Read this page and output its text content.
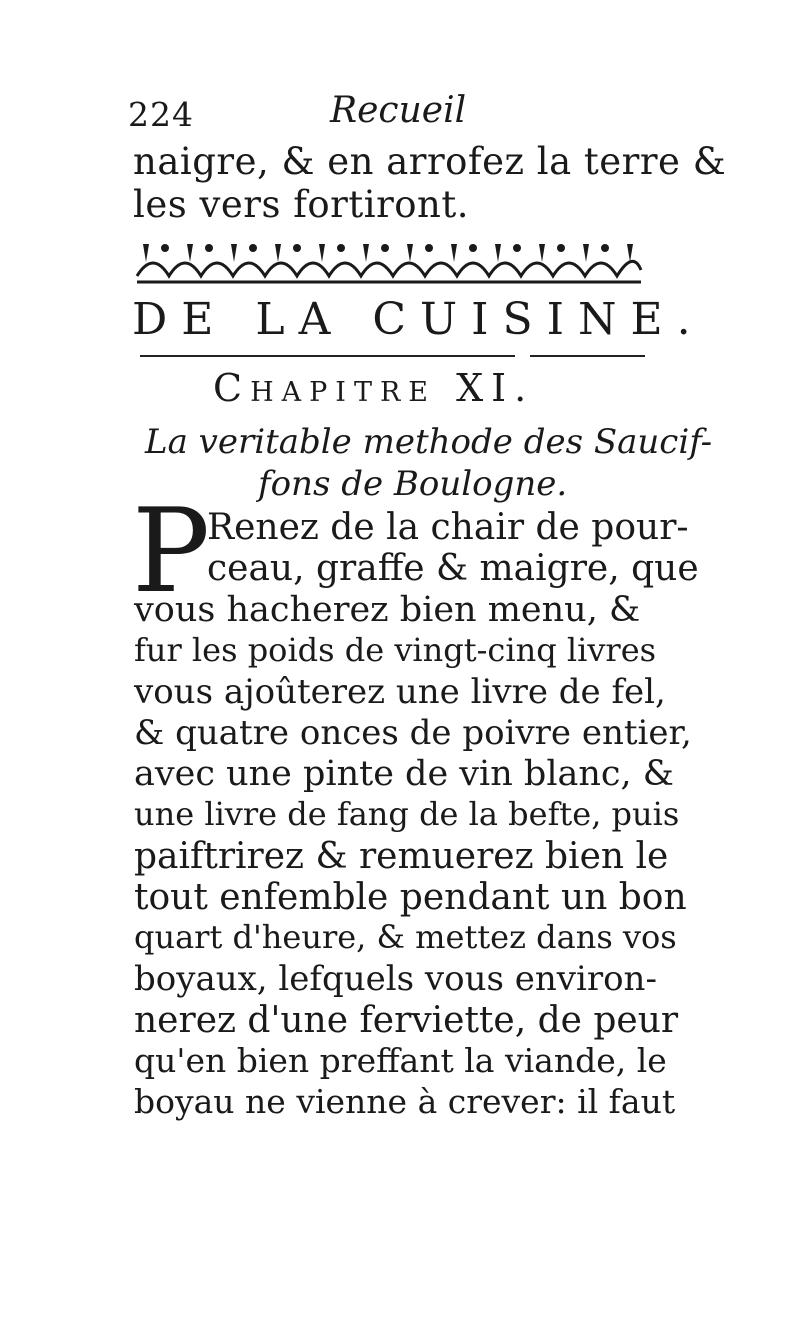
224	Recueil
naigre, & en arrofez la terre &
les vers fortiront.
DE LA CUISINE.
Chapitre XI.
La veritable methode des Saucif-
fons de Boulogne.
P
Renez de la chair de pour-
ceau, graffe & maigre, que
vous hacherez bien menu, &
fur les poids de vingt-cinq livres
vous ajoûterez une livre de fel,
& quatre onces de poivre entier,
avec une pinte de vin blanc, &
une livre de fang de la befte, puis
paiftrirez & remuerez bien le
tout enfemble pendant un bon
quart d'heure, & mettez dans vos
boyaux, lefquels vous environ-
nerez d'une ferviette, de peur
qu'en bien preffant la viande, le
boyau ne vienne à crever: il faut
